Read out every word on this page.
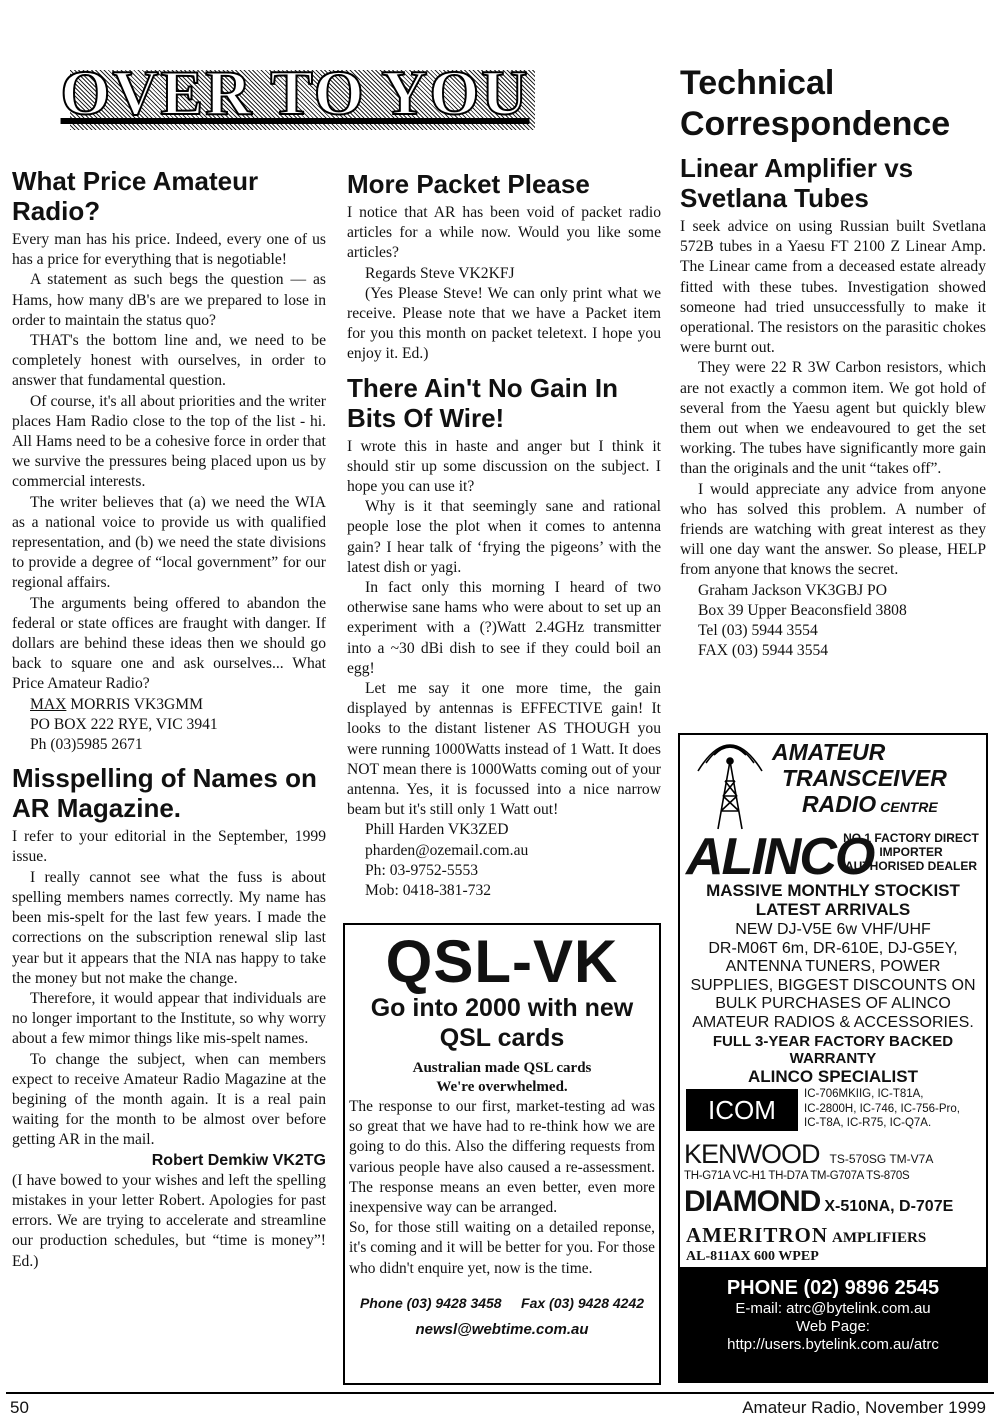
OVER TO YOU
What Price Amateur Radio?

Every man has his price. Indeed, every one of us has a price for everything that is negotiable!

A statement as such begs the question — as Hams, how many dB's are we prepared to lose in order to maintain the status quo?

THAT's the bottom line and, we need to be completely honest with ourselves, in order to answer that fundamental question.

Of course, it's all about priorities and the writer places Ham Radio close to the top of the list - hi. All Hams need to be a cohesive force in order that we survive the pressures being placed upon us by commercial interests.

The writer believes that (a) we need the WIA as a national voice to provide us with qualified representation, and (b) we need the state divisions to provide a degree of “local government” for our regional affairs.

The arguments being offered to abandon the federal or state offices are fraught with danger. If dollars are behind these ideas then we should go back to square one and ask ourselves... What Price Amateur Radio?

MAX MORRIS VK3GMM

PO BOX 222 RYE, VIC 3941

Ph (03)5985 2671

Misspelling of Names on AR Magazine.

I refer to your editorial in the September, 1999 issue.

I really cannot see what the fuss is about spelling members names correctly. My name has been mis-spelt for the last few years. I made the corrections on the subscription renewal slip last year but it appears that the NIA nas happy to take the money but not make the change.

Therefore, it would appear that individuals are no longer important to the Institute, so why worry about a few mimor things like mis-spelt names.

To change the subject, when can members expect to receive Amateur Radio Magazine at the begining of the month again. It is a real pain waiting for the month to be almost over before getting AR in the mail.

Robert Demkiw VK2TG

(I have bowed to your wishes and left the spelling mistakes in your letter Robert. Apologies for past errors. We are trying to accelerate and streamline our production schedules, but “time is money”! Ed.)

More Packet Please

I notice that AR has been void of packet radio articles for a while now. Would you like some articles?

Regards Steve VK2KFJ

(Yes Please Steve! We can only print what we receive. Please note that we have a Packet item for you this month on packet teletext. I hope you enjoy it. Ed.)

There Ain't No Gain In Bits Of Wire!

I wrote this in haste and anger but I think it should stir up some discussion on the subject. I hope you can use it?

Why is it that seemingly sane and rational people lose the plot when it comes to antenna gain? I hear talk of ‘frying the pigeons’ with the latest dish or yagi.

In fact only this morning I heard of two otherwise sane hams who were about to set up an experiment with a (?)Watt 2.4GHz transmitter into a ~30 dBi dish to see if they could boil an egg!

Let me say it one more time, the gain displayed by antennas is EFFECTIVE gain! It looks to the distant listener AS THOUGH you were running 1000Watts instead of 1 Watt. It does NOT mean there is 1000Watts coming out of your antenna. Yes, it is focussed into a nice narrow beam but it's still only 1 Watt out!

Phill Harden VK3ZED

pharden@ozemail.com.au

Ph: 03-9752-5553

Mob: 0418-381-732

QSL-VK
Go into 2000 with new QSL cards
Australian made QSL cards
We're overwhelmed.
The response to our first, market-testing ad was so great that we have had to re-think how we are going to do this. Also the differing requests from various people have also caused a re-assessment. The response means an even better, even more inexpensive way can be arranged.
So, for those still waiting on a detailed reponse, it's coming and it will be better for you. For those who didn't enquire yet, now is the time.
Phone (03) 9428 3458 Fax (03) 9428 4242
newsl@webtime.com.au
Technical Correspondence
Linear Amplifier vs Svetlana Tubes

I seek advice on using Russian built Svetlana 572B tubes in a Yaesu FT 2100 Z Linear Amp. The Linear came from a deceased estate already fitted with these tubes. Investigation showed someone had tried unsuccessfully to make it operational. The resistors on the parasitic chokes were burnt out.

They were 22 R 3W Carbon resistors, which are not exactly a common item. We got hold of several from the Yaesu agent but quickly blew them out when we endeavoured to get the set working. The tubes have significantly more gain than the originals and the unit “takes off”.

I would appreciate any advice from anyone who has solved this problem. A number of friends are watching with great interest as they will one day want the answer. So please, HELP from anyone that knows the secret.

Graham Jackson VK3GBJ PO

Box 39 Upper Beaconsfield 3808

Tel (03) 5944 3554

FAX (03) 5944 3554

AMATEUR
TRANSCEIVER
RADIO CENTRE
ALINCO
NO 1 FACTORY DIRECT
IMPORTER
AUTHORISED DEALER
MASSIVE MONTHLY STOCKIST
LATEST ARRIVALS
NEW DJ-V5E 6w VHF/UHF
DR-M06T 6m, DR-610E, DJ-G5EY,
ANTENNA TUNERS, POWER
SUPPLIES, BIGGEST DISCOUNTS ON
BULK PURCHASES OF ALINCO
AMATEUR RADIOS & ACCESSORIES.
FULL 3-YEAR FACTORY BACKED
WARRANTY
ALINCO SPECIALIST
ICOM
IC-706MKIIG, IC-T81A,
IC-2800H, IC-746, IC-756-Pro,
IC-T8A, IC-R75, IC-Q7A.
KENWOOD TS-570SG TM-V7A
TH-G71A VC-H1 TH-D7A TM-G707A TS-870S
DIAMOND X-510NA, D-707E
AMERITRON AMPLIFIERS
AL-811AX 600 WPEP
PHONE (02) 9896 2545
E-mail: atrc@bytelink.com.au
Web Page:
http://users.bytelink.com.au/atrc
50	Amateur Radio, November 1999
